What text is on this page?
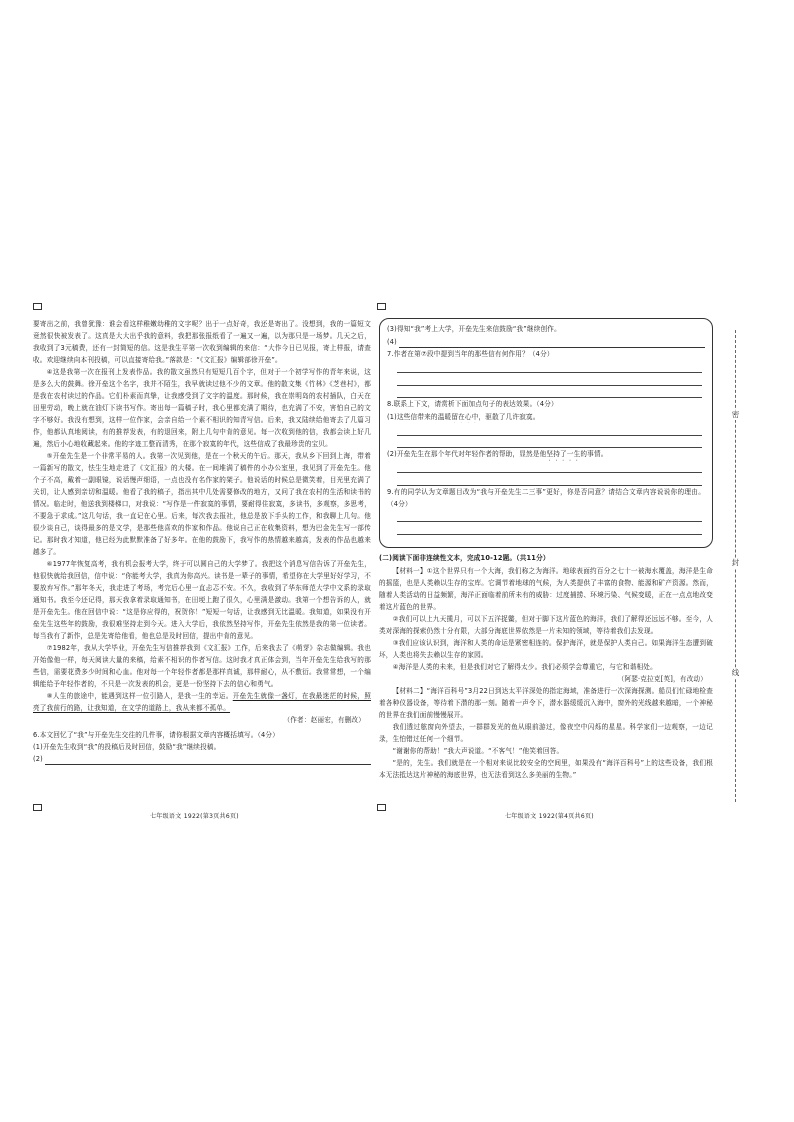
要寄出之前，我曾犹豫：谁会看这样稚嫩幼稚的文字呢？出于一点好奇，我还是寄出了。没想到，我的一篇短文竟然很快被发表了。这真是大大出乎我的意料，我把那张报纸看了一遍又一遍，以为那只是一场梦。几天之后，我收到了3元稿费，还有一封简短的信。这是我生平第一次收到编辑的来信：“大作今日已见报，寄上样报，请查收。欢迎继续向本刊投稿，可以直接寄给我。”落款是：“《文汇报》编辑部徐开垒”。

④这是我第一次在报刊上发表作品。我的散文虽然只有短短几百个字，但对于一个初学写作的青年来说，这是多么大的鼓舞。徐开垒这个名字，我并不陌生，我早就读过他不少的文章。他的散文集《竹林》《芝巷村》，都是我在农村读过的作品。它们朴素而真挚，让我感受到了文字的温度。那时候，我在崇明岛的农村插队，白天在田里劳动，晚上就在油灯下读书写作。寄出每一篇稿子时，我心里都充满了期待，也充满了不安，害怕自己的文字不够好。我没有想到，这样一位作家，会亲自给一个素不相识的知青写信。后来，我又陆续给他寄去了几篇习作，他都认真地阅读，有的推荐发表，有的退回来，附上几句中肯的意见。每一次收到他的信，我都会读上好几遍，然后小心地收藏起来。他的字迹工整而清秀，在那个寂寞的年代，这些信成了我最珍贵的宝贝。

⑤开垒先生是一个非常平易的人。我第一次见到他，是在一个秋天的午后。那天，我从乡下回到上海，带着一篇新写的散文，怯生生地走进了《文汇报》的大楼。在一间堆满了稿件的小办公室里，我见到了开垒先生。他个子不高，戴着一副眼镜，说话慢声细语，一点也没有名作家的架子。他说话的时候总是微笑着，目光里充满了关切，让人感到亲切和温暖。他看了我的稿子，指出其中几处需要修改的地方，又问了我在农村的生活和读书的情况。临走时，他送我到楼梯口，对我说：“写作是一件寂寞的事情，要耐得住寂寞，多读书，多观察，多思考，不要急于求成。”这几句话，我一直记在心里。后来，每次我去报社，他总是放下手头的工作，和我聊上几句。他很少谈自己，谈得最多的是文学，是那些他喜欢的作家和作品。他说自己正在收集资料，想为巴金先生写一部传记。那时我才知道，他已经为此默默准备了好多年。在他的鼓励下，我写作的热情越来越高，发表的作品也越来越多了。

⑥1977年恢复高考，我有机会报考大学，终于可以圆自己的大学梦了。我把这个消息写信告诉了开垒先生，他很快就给我回信，信中说：“你能考大学，我真为你高兴。读书是一辈子的事情，希望你在大学里好好学习，不要放弃写作。”那年冬天，我走进了考场，考完后心里一直忐忑不安。不久，我收到了华东师范大学中文系的录取通知书。我至今还记得，那天我拿着录取通知书，在田埂上跑了很久，心里满是激动。我第一个想告诉的人，就是开垒先生。他在回信中说：“这是你应得的，祝贺你！”短短一句话，让我感到无比温暖。我知道，如果没有开垒先生这些年的鼓励，我很难坚持走到今天。进入大学后，我依然坚持写作，开垒先生依然是我的第一位读者。每当我有了新作，总是先寄给他看，他也总是及时回信，提出中肯的意见。

⑦1982年，我从大学毕业，开垒先生写信推荐我到《文汇报》工作，后来我去了《萌芽》杂志做编辑。我也开始像他一样，每天阅读大量的来稿，给素不相识的作者写信。这时我才真正体会到，当年开垒先生给我写的那些信，需要花费多少时间和心血。他对每一个年轻作者都是那样真诚，那样耐心，从不敷衍。我常常想，一个编辑能给予年轻作者的，不只是一次发表的机会，更是一份坚持下去的信心和勇气。

⑧人生的旅途中，能遇到这样一位引路人，是我一生的幸运。开垒先生就像一盏灯，在我最迷茫的时候，照亮了我前行的路，让我知道，在文学的道路上，我从来都不孤单。

（作者：赵丽宏，有删改）

6.本文回忆了“我”与开垒先生交往的几件事，请你根据文章内容概括填写。（4分）

(1)开垒先生收到“我”的投稿后及时回信，鼓励“我”继续投稿。

(2)
七年级语文 1922(第3页共6页)
(3)得知“我”考上大学，开垒先生来信鼓励“我”继续创作。
(4)
7.作者在第⑦段中提到当年的那些信有何作用？（4分）
8.联系上下文，请赏析下面加点句子的表达效果。（4分）
(1)这些信带来的温暖留在心中，驱散了几许寂寞。
(2)开垒先生在那个年代对年轻作者的帮助，显然是他坚持了一生的事情。
9.有的同学认为文章题目改为“我与开垒先生二三事”更好，你是否同意？请结合文章内容说说你的理由。（4分）

(二)阅读下面非连续性文本，完成10-12题。（共11分）

【材料一】①这个世界只有一个大海，我们称之为海洋。地球表面约百分之七十一被海水覆盖，海洋是生命的摇篮，也是人类赖以生存的宝库。它调节着地球的气候，为人类提供了丰富的食物、能源和矿产资源。然而，随着人类活动的日益频繁，海洋正面临着前所未有的威胁：过度捕捞、环境污染、气候变暖，正在一点点地改变着这片蓝色的世界。

②我们可以上九天揽月，可以下五洋捉鳖，但对于脚下这片蓝色的海洋，我们了解得还远远不够。至今，人类对深海的探索仍然十分有限，大部分海底世界依然是一片未知的领域，等待着我们去发现。

③我们应该认识到，海洋和人类的命运是紧密相连的。保护海洋，就是保护人类自己。如果海洋生态遭到破坏，人类也将失去赖以生存的家园。

④海洋是人类的未来，但是我们对它了解得太少。我们必须学会尊重它，与它和谐相处。

（阿瑟·克拉克[英]，有改动）

【材料二】“海洋百科号”3月22日到达太平洋深处的指定海域，准备进行一次深海探测。船员们忙碌地检查着各种仪器设备，等待着下潜的那一刻。随着一声令下，潜水器缓缓沉入海中，窗外的光线越来越暗，一个神秘的世界在我们面前慢慢展开。

我们透过舷窗向外望去，一群群发光的鱼从眼前游过，像夜空中闪烁的星星。科学家们一边观察，一边记录，生怕错过任何一个细节。

“谢谢你的帮助！”我大声说道。“不客气！”他笑着回答。

“是的，先生。我们就是在一个相对来说比较安全的空间里，如果没有“海洋百科号”上的这些设备，我们根本无法抵达这片神秘的海底世界，也无法看到这么多美丽的生物。”

七年级语文 1922(第4页共6页)
密
封
线
